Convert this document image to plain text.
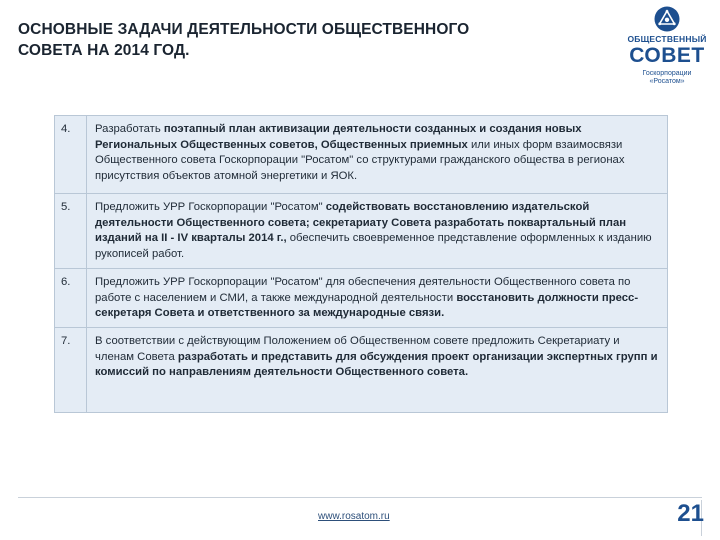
ОСНОВНЫЕ ЗАДАЧИ ДЕЯТЕЛЬНОСТИ ОБЩЕСТВЕННОГО
СОВЕТА НА 2014 ГОД.
ОБЩЕСТВЕННЫЙ
СОВЕТ
Госкорпорации
«Росатом»
4.	Разработать поэтапный план активизации деятельности созданных и создания новых Региональных Общественных советов, Общественных приемных или иных форм взаимосвязи Общественного совета Госкорпорации "Росатом" со структурами гражданского общества в регионах присутствия объектов атомной энергетики и ЯОК.
5.	Предложить УРР Госкорпорации "Росатом" содействовать восстановлению издательской деятельности Общественного совета; секретариату Совета разработать поквартальный план изданий на II - IV кварталы 2014 г., обеспечить своевременное представление оформленных к изданию рукописей работ.
6.	Предложить УРР Госкорпорации "Росатом" для обеспечения деятельности Общественного совета по работе с населением и СМИ, а также международной деятельности восстановить должности пресс-секретаря Совета и ответственного за международные связи.
7.	В соответствии с действующим Положением об Общественном совете предложить Секретариату и членам Совета разработать и представить для обсуждения проект организации экспертных групп и комиссий по направлениям деятельности Общественного совета.
www.rosatom.ru	21
